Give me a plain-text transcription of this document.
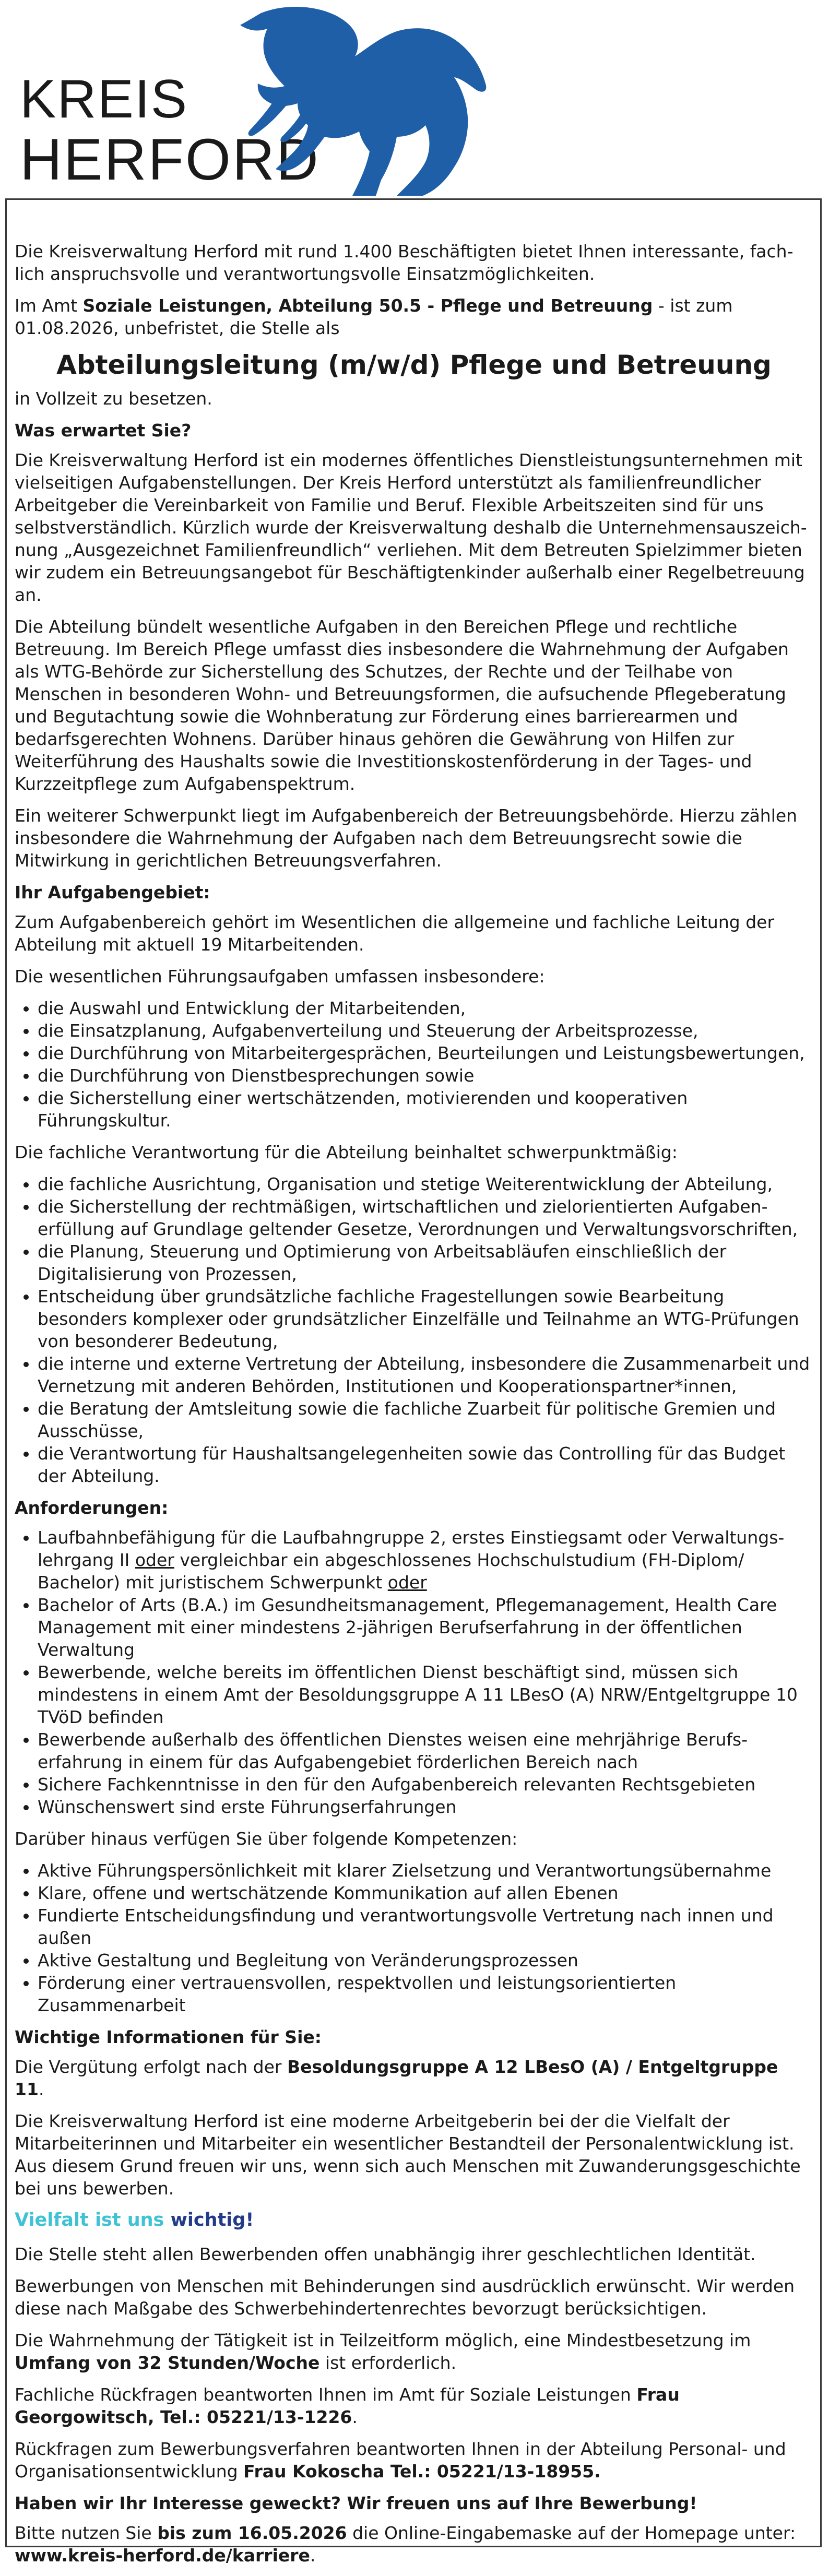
KREIS
HERFORD

Die Kreisverwaltung Herford mit rund 1.400 Beschäftigten bietet Ihnen interessante, fachlich anspruchsvolle und verantwortungsvolle Einsatzmöglichkeiten.

Im Amt Soziale Leistungen, Abteilung 50.5 - Pflege und Betreuung - ist zum 01.08.2026, unbefristet, die Stelle als

Abteilungsleitung (m/w/d) Pflege und Betreuung

in Vollzeit zu besetzen.

Was erwartet Sie?

Die Kreisverwaltung Herford ist ein modernes öffentliches Dienstleistungsunternehmen mit vielseitigen Aufgabenstellungen. Der Kreis Herford unterstützt als familienfreundlicher Arbeitgeber die Vereinbarkeit von Familie und Beruf. Flexible Arbeitszeiten sind für uns selbstverständlich. Kürzlich wurde der Kreisverwaltung deshalb die Unternehmensauszeichnung „Ausgezeichnet Familienfreundlich“ verliehen. Mit dem Betreuten Spielzimmer bieten wir zudem ein Betreuungsangebot für Beschäftigtenkinder außerhalb einer Regelbetreuung an.

Die Abteilung bündelt wesentliche Aufgaben in den Bereichen Pflege und rechtliche Betreuung. Im Bereich Pflege umfasst dies insbesondere die Wahrnehmung der Aufgaben als WTG-Behörde zur Sicherstellung des Schutzes, der Rechte und der Teilhabe von Menschen in besonderen Wohn- und Betreuungsformen, die aufsuchende Pflegeberatung und Begutachtung sowie die Wohnberatung zur Förderung eines barrierearmen und bedarfsgerechten Wohnens. Darüber hinaus gehören die Gewährung von Hilfen zur Weiterführung des Haushalts sowie die Investitionskostenförderung in der Tages- und Kurzzeitpflege zum Aufgabenspektrum.

Ein weiterer Schwerpunkt liegt im Aufgabenbereich der Betreuungsbehörde. Hierzu zählen insbesondere die Wahrnehmung der Aufgaben nach dem Betreuungsrecht sowie die Mitwirkung in gerichtlichen Betreuungsverfahren.

Ihr Aufgabengebiet:

Zum Aufgabenbereich gehört im Wesentlichen die allgemeine und fachliche Leitung der Abteilung mit aktuell 19 Mitarbeitenden.

Die wesentlichen Führungsaufgaben umfassen insbesondere:

• die Auswahl und Entwicklung der Mitarbeitenden,
• die Einsatzplanung, Aufgabenverteilung und Steuerung der Arbeitsprozesse,
• die Durchführung von Mitarbeitergesprächen, Beurteilungen und Leistungsbewertungen,
• die Durchführung von Dienstbesprechungen sowie
• die Sicherstellung einer wertschätzenden, motivierenden und kooperativen Führungskultur.

Die fachliche Verantwortung für die Abteilung beinhaltet schwerpunktmäßig:

• die fachliche Ausrichtung, Organisation und stetige Weiterentwicklung der Abteilung,
• die Sicherstellung der rechtmäßigen, wirtschaftlichen und zielorientierten Aufgabenerfüllung auf Grundlage geltender Gesetze, Verordnungen und Verwaltungsvorschriften,
• die Planung, Steuerung und Optimierung von Arbeitsabläufen einschließlich der Digitalisierung von Prozessen,
• Entscheidung über grundsätzliche fachliche Fragestellungen sowie Bearbeitung besonders komplexer oder grundsätzlicher Einzelfälle und Teilnahme an WTG-Prüfungen von besonderer Bedeutung,
• die interne und externe Vertretung der Abteilung, insbesondere die Zusammenarbeit und Vernetzung mit anderen Behörden, Institutionen und Kooperationspartner*innen,
• die Beratung der Amtsleitung sowie die fachliche Zuarbeit für politische Gremien und Ausschüsse,
• die Verantwortung für Haushaltsangelegenheiten sowie das Controlling für das Budget der Abteilung.

Anforderungen:

• Laufbahnbefähigung für die Laufbahngruppe 2, erstes Einstiegsamt oder Verwaltungslehrgang II oder vergleichbar ein abgeschlossenes Hochschulstudium (FH-Diplom/ Bachelor) mit juristischem Schwerpunkt oder
• Bachelor of Arts (B.A.) im Gesundheitsmanagement, Pflegemanagement, Health Care Management mit einer mindestens 2-jährigen Berufserfahrung in der öffentlichen Verwaltung
• Bewerbende, welche bereits im öffentlichen Dienst beschäftigt sind, müssen sich mindestens in einem Amt der Besoldungsgruppe A 11 LBesO (A) NRW/Entgeltgruppe 10 TVöD befinden
• Bewerbende außerhalb des öffentlichen Dienstes weisen eine mehrjährige Berufserfahrung in einem für das Aufgabengebiet förderlichen Bereich nach
• Sichere Fachkenntnisse in den für den Aufgabenbereich relevanten Rechtsgebieten
• Wünschenswert sind erste Führungserfahrungen

Darüber hinaus verfügen Sie über folgende Kompetenzen:

• Aktive Führungspersönlichkeit mit klarer Zielsetzung und Verantwortungsübernahme
• Klare, offene und wertschätzende Kommunikation auf allen Ebenen
• Fundierte Entscheidungsfindung und verantwortungsvolle Vertretung nach innen und außen
• Aktive Gestaltung und Begleitung von Veränderungsprozessen
• Förderung einer vertrauensvollen, respektvollen und leistungsorientierten Zusammenarbeit

Wichtige Informationen für Sie:

Die Vergütung erfolgt nach der Besoldungsgruppe A 12 LBesO (A) / Entgeltgruppe 11.

Die Kreisverwaltung Herford ist eine moderne Arbeitgeberin bei der die Vielfalt der Mitarbeiterinnen und Mitarbeiter ein wesentlicher Bestandteil der Personalentwicklung ist. Aus diesem Grund freuen wir uns, wenn sich auch Menschen mit Zuwanderungsgeschichte bei uns bewerben.

Vielfalt ist uns wichtig!

Die Stelle steht allen Bewerbenden offen unabhängig ihrer geschlechtlichen Identität.

Bewerbungen von Menschen mit Behinderungen sind ausdrücklich erwünscht. Wir werden diese nach Maßgabe des Schwerbehindertenrechtes bevorzugt berücksichtigen.

Die Wahrnehmung der Tätigkeit ist in Teilzeitform möglich, eine Mindestbesetzung im Umfang von 32 Stunden/Woche ist erforderlich.

Fachliche Rückfragen beantworten Ihnen im Amt für Soziale Leistungen Frau Georgowitsch, Tel.: 05221/13-1226.

Rückfragen zum Bewerbungsverfahren beantworten Ihnen in der Abteilung Personal- und Organisationsentwicklung Frau Kokoscha Tel.: 05221/13-18955.

Haben wir Ihr Interesse geweckt? Wir freuen uns auf Ihre Bewerbung!

Bitte nutzen Sie bis zum 16.05.2026 die Online-Eingabemaske auf der Homepage unter: www.kreis-herford.de/karriere.
